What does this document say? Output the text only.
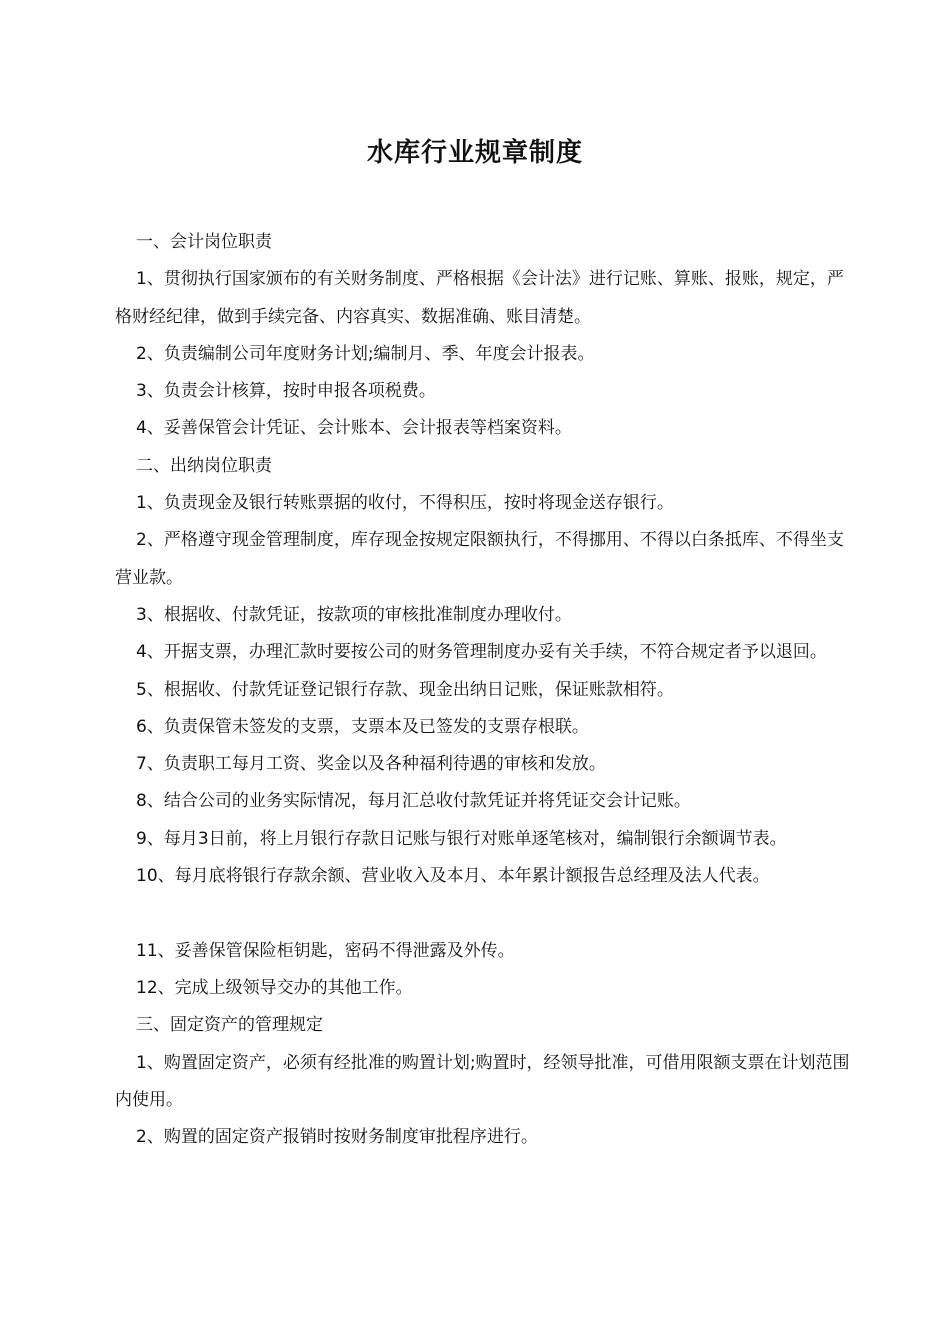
水库行业规章制度

一、会计岗位职责

1、贯彻执行国家颁布的有关财务制度、严格根据《会计法》进行记账、算账、报账，规定，严格财经纪律，做到手续完备、内容真实、数据准确、账目清楚。

2、负责编制公司年度财务计划;编制月、季、年度会计报表。

3、负责会计核算，按时申报各项税费。

4、妥善保管会计凭证、会计账本、会计报表等档案资料。

二、出纳岗位职责

1、负责现金及银行转账票据的收付，不得积压，按时将现金送存银行。

2、严格遵守现金管理制度，库存现金按规定限额执行，不得挪用、不得以白条抵库、不得坐支营业款。

3、根据收、付款凭证，按款项的审核批准制度办理收付。

4、开据支票，办理汇款时要按公司的财务管理制度办妥有关手续，不符合规定者予以退回。

5、根据收、付款凭证登记银行存款、现金出纳日记账，保证账款相符。

6、负责保管未签发的支票，支票本及已签发的支票存根联。

7、负责职工每月工资、奖金以及各种福利待遇的审核和发放。

8、结合公司的业务实际情况，每月汇总收付款凭证并将凭证交会计记账。

9、每月3日前，将上月银行存款日记账与银行对账单逐笔核对，编制银行余额调节表。

10、每月底将银行存款余额、营业收入及本月、本年累计额报告总经理及法人代表。

11、妥善保管保险柜钥匙，密码不得泄露及外传。

12、完成上级领导交办的其他工作。

三、固定资产的管理规定

1、购置固定资产，必须有经批准的购置计划;购置时，经领导批准，可借用限额支票在计划范围内使用。

2、购置的固定资产报销时按财务制度审批程序进行。
